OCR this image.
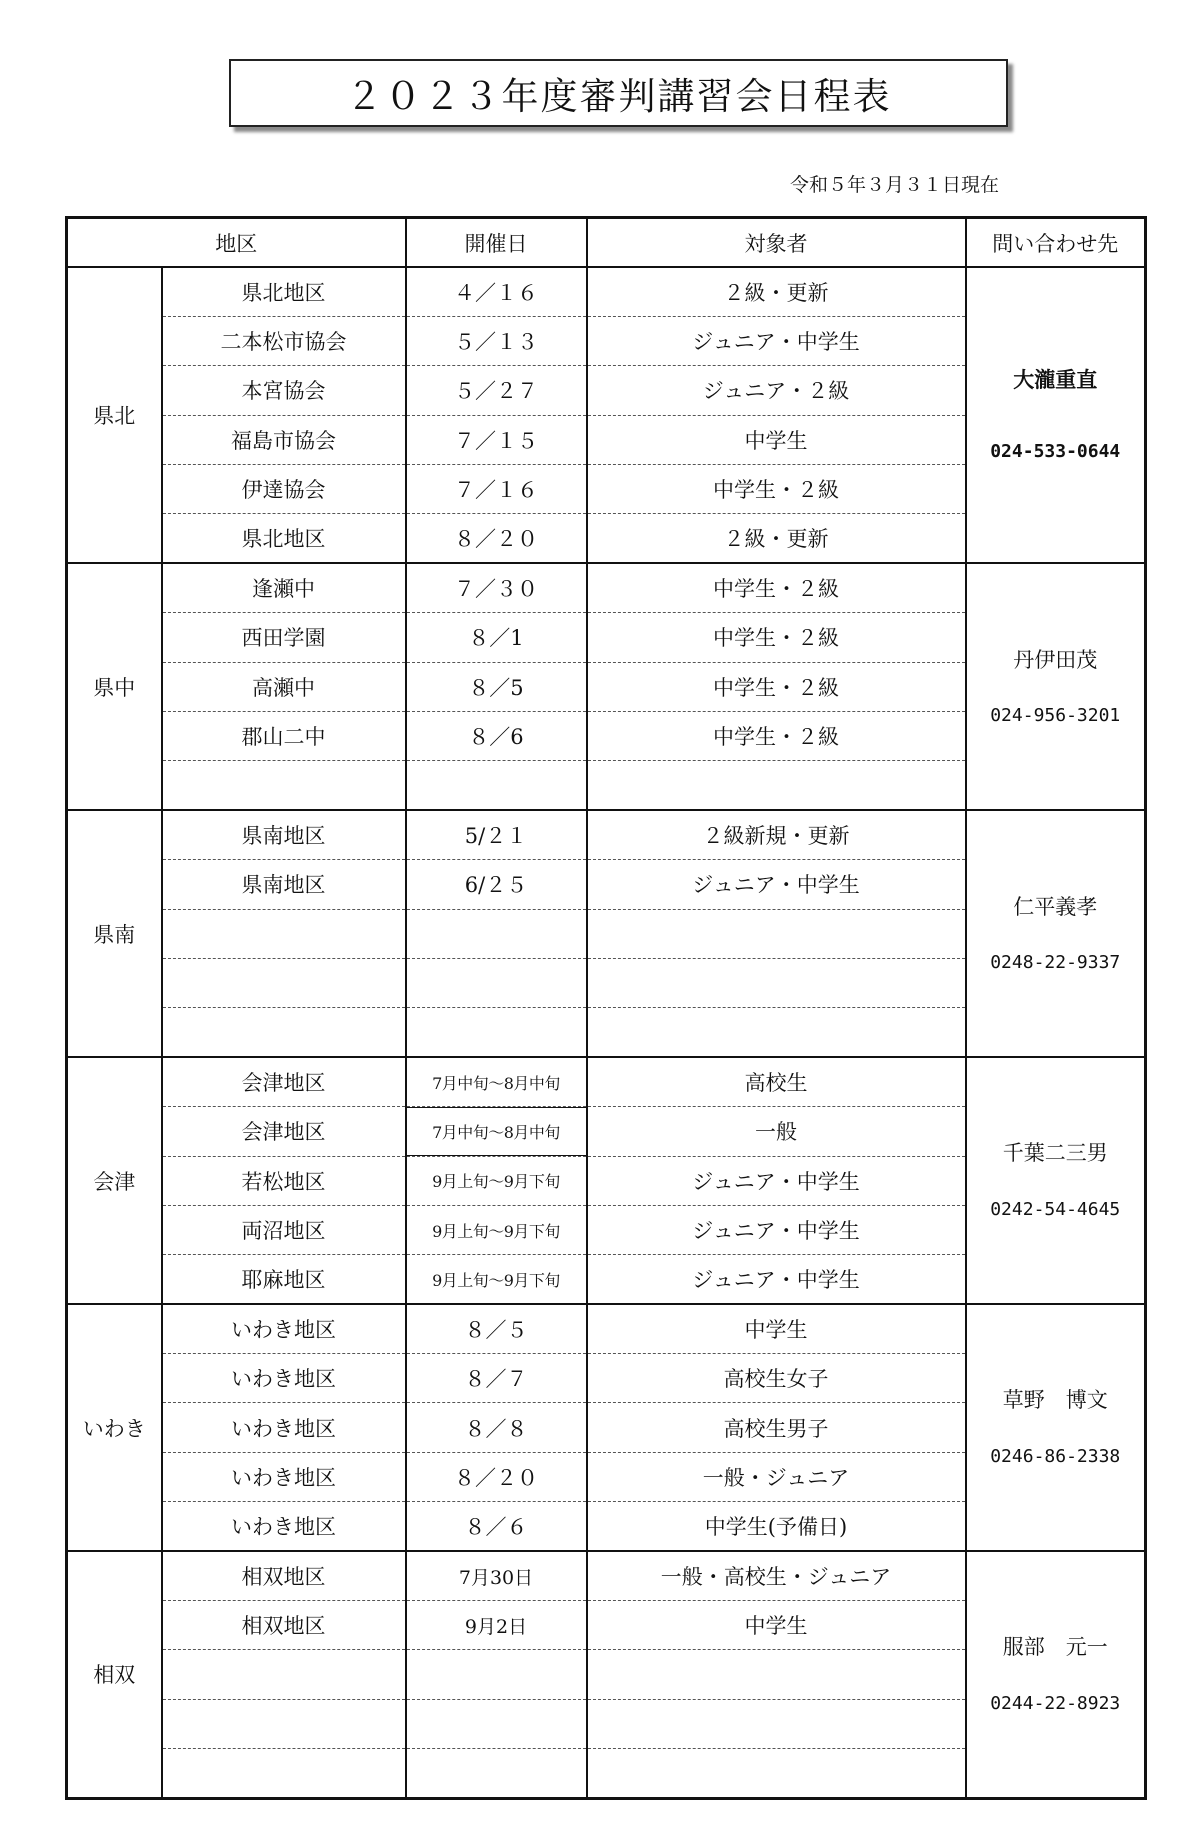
２０２３年度審判講習会日程表
令和５年３月３１日現在
地区		開催日	対象者	問い合わせ先
県北	県北地区	４／１６	２級・更新	大瀧重直
024-533-0644

	二本松市協会	５／１３	ジュニア・中学生	
	本宮協会	５／２７	ジュニア・２級	
	福島市協会	７／１５	中学生	
	伊達協会	７／１６	中学生・２級	
	県北地区	８／２０	２級・更新	
県中	逢瀬中	７／３０	中学生・２級	丹伊田茂
024-956-3201

	西田学園	８／1	中学生・２級	
	高瀬中	８／5	中学生・２級	
	郡山二中	８／6	中学生・２級	

県南	県南地区	5/２１	２級新規・更新	仁平義孝
0248-22-9337

	県南地区	6/２５	ジュニア・中学生	

会津	会津地区	7月中旬～8月中旬	高校生	千葉二三男
0242-54-4645

	会津地区	7月中旬～8月中旬	一般	
	若松地区	9月上旬～9月下旬	ジュニア・中学生	
	両沼地区	9月上旬～9月下旬	ジュニア・中学生	
	耶麻地区	9月上旬～9月下旬	ジュニア・中学生	
いわき	いわき地区	８／５	中学生	草野　博文
0246-86-2338

	いわき地区	８／７	高校生女子	
	いわき地区	８／８	高校生男子	
	いわき地区	８／２０	一般・ジュニア	
	いわき地区	８／６	中学生(予備日)	
相双	相双地区	7月30日	一般・高校生・ジュニア	服部　元一
0244-22-8923

	相双地区	9月2日	中学生	
